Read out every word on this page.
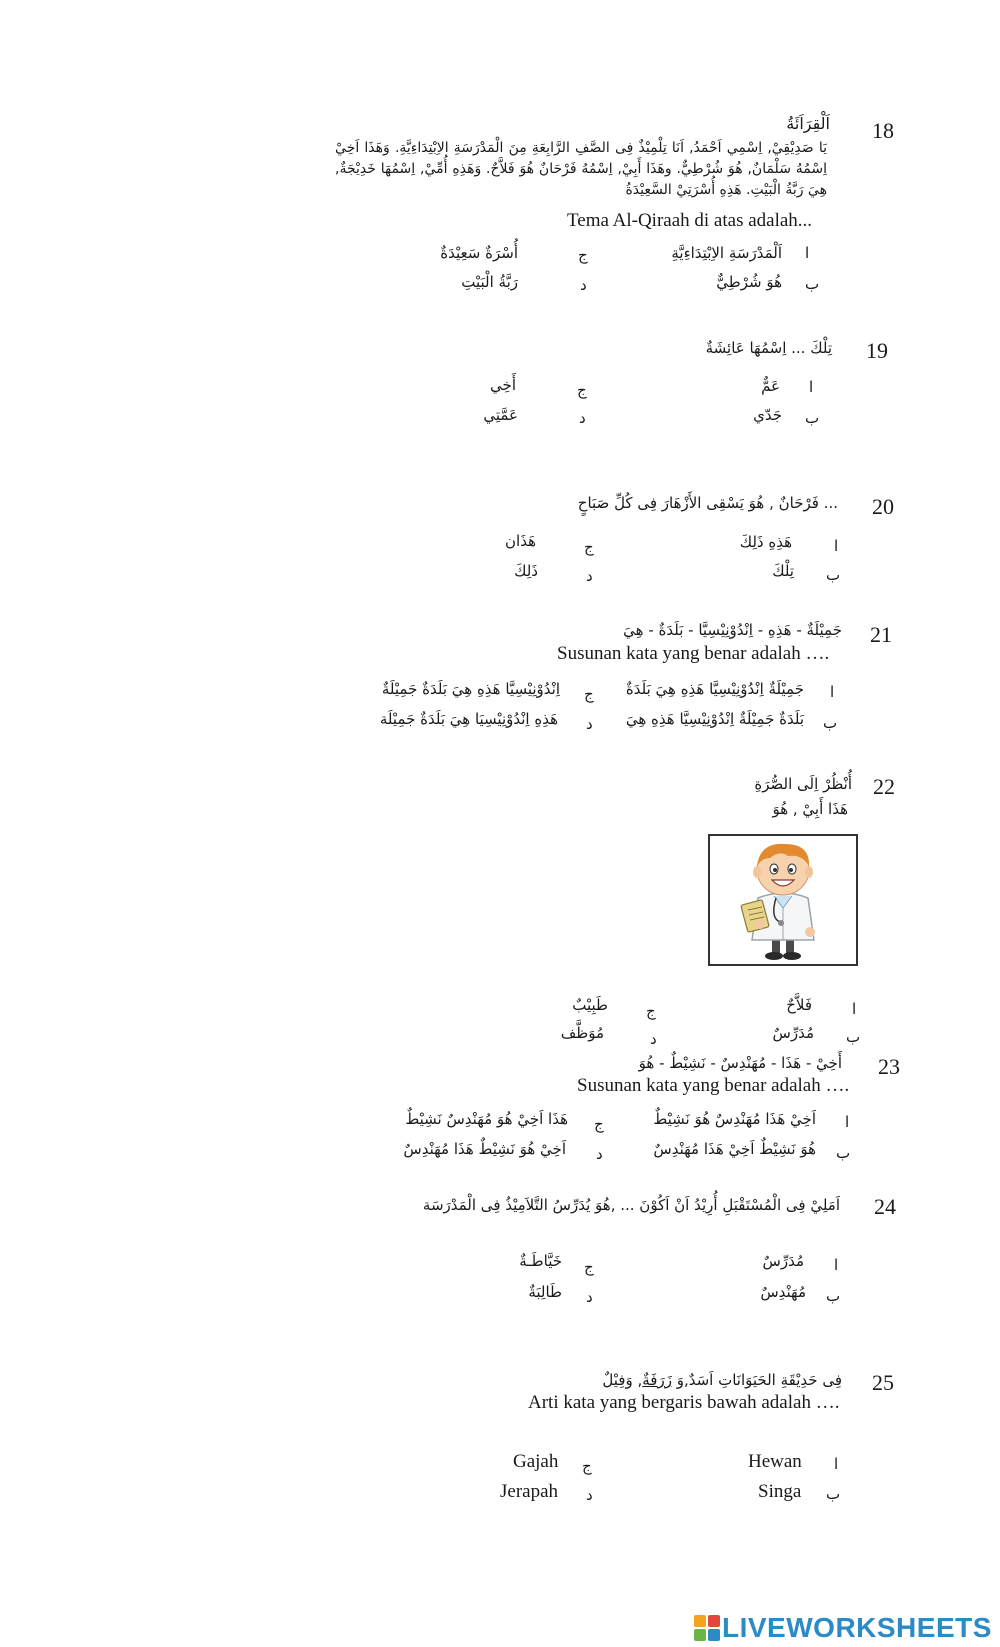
18
اَلْقِرَاَئَةُ
يَا صَدِيْقِيْ, اِسْمِي اَحْمَدُ, اَنَا تِلْمِيْذٌ فِى الصَّفِ الرَّابِعَةِ مِنَ الْمَدْرَسَةِ الاِبْتِدَاءِيَّةِ. وَهَذَا اَخِيْ اِسْمُهُ سَلْمَانٌ, هُوَ شُرْطِيٌّ. وهَذَا أَبِيْ, اِسْمُهُ فَرْحَانٌ هُوَ فَلاَّحٌ. وَهَذِهِ أُمِّيْ, اِسْمُهَا خَدِيْجَةٌ, هِيَ رَبَّةُ الْبَيْتِ. هَذِهِ أُسْرَتِيْ السَّعِيْدَةُ
Tema Al-Qiraah di atas adalah...
ا
اَلْمَدْرَسَةِ الاِبْتِدَاءِيَّةِ
ج
أُسْرَةٌ سَعِيْدَةٌ
ب
هُوَ شُرْطِيٌّ
د
رَبَّةُ الْبَيْتِ
19
تِلْكَ ... اِسْمُهَا عَائِشَةٌ
ا
عَمٌّ
ج
أَخِي
ب
جَدّي
د
عَمَّتِي
20
... فَرْحَانٌ , هُوَ يَسْقِى الأَزْهَارَ فِى كُلِّ صَبَاحٍ
ا
هَذِهِ ذَلِكَ
ج
هَذَان
ب
تِلْكَ
د
ذَلِكَ
21
جَمِيْلَةٌ - هَذِهِ - اِنْدُوْنِيْسِيَّا - بَلَدَةٌ - هِيَ
Susunan kata yang benar adalah ….
ا
جَمِيْلَةٌ اِنْدُوْنِيْسِيَّا هَذِهِ هِيَ بَلَدَةٌ
ج
اِنْدُوْنِيْسِيَّا هَذِهِ هِيَ بَلَدَةٌ جَمِيْلَةٌ
ب
بَلَدَةٌ جَمِيْلَةٌ اِنْدُوْنِيْسِيَّا هَذِهِ هِيَ
د
هَذِهِ اِنْدُوْنِيْسِيَا هِيَ بَلَدَةٌ جَمِيْلَة
22
أُنْظُرْ اِلَى الصُّرَةِ
هَذَا أَبِيْ , هُوَ
ا
فَلاَّحٌ
ج
طَبِيْبٌ
ب
مُدَرِّسٌ
د
مُوَظَّف
23
أَخِيْ - هَذَا - مُهَنْدِسٌ - نَشِيْطٌ - هُوَ
Susunan kata yang benar adalah ….
ا
اَخِيْ هَذَا مُهَنْدِسٌ هُوَ نَشِيْطٌ
ج
هَذَا اَخِيْ هُوَ مُهَنْدِسٌ نَشِيْطٌ
ب
هُوَ نَشِيْطٌ اَخِيْ هَذَا مُهَنْدِسٌ
د
اَخِيْ هُوَ نَشِيْطٌ هَذَا مُهَنْدِسٌ
24
اَمَلِيْ فِى الْمُسْتَقْبَلِ أُرِيْدُ اَنْ اَكُوْنَ ... ,هُوَ يُدَرِّسُ التَّلاَمِيْذُ فِى الْمَدْرَسَة
ا
مُدَرِّسٌ
ج
خَيَّاطَـةٌ
ب
مُهَنْدِسٌ
د
طَالِبَةٌ
25
فِى حَدِيْقَةِ الحَيَوَانَاتِ اَسَدٌ,وَ زَرَفَةٌ, وَفِيْلٌ
Arti kata yang bergaris bawah adalah ….
ا
Hewan
ج
Gajah
ب
Singa
د
Jerapah
LIVEWORKSHEETS
